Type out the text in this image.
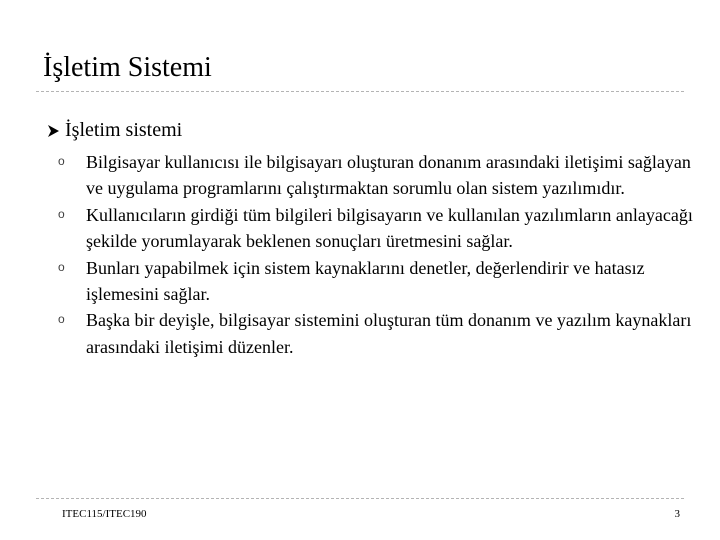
İşletim Sistemi
İşletim sistemi
o Bilgisayar kullanıcısı ile bilgisayarı oluşturan donanım arasındaki iletişimi sağlayan ve uygulama programlarını çalıştırmaktan sorumlu olan sistem yazılımıdır.
o Kullanıcıların girdiği tüm bilgileri bilgisayarın ve kullanılan yazılımların anlayacağı şekilde yorumlayarak beklenen sonuçları üretmesini sağlar.
o Bunları yapabilmek için sistem kaynaklarını denetler, değerlendirir ve hatasız işlemesini sağlar.
o Başka bir deyişle, bilgisayar sistemini oluşturan tüm donanım ve yazılım kaynakları arasındaki iletişimi düzenler.
ITEC115/ITEC190	3
